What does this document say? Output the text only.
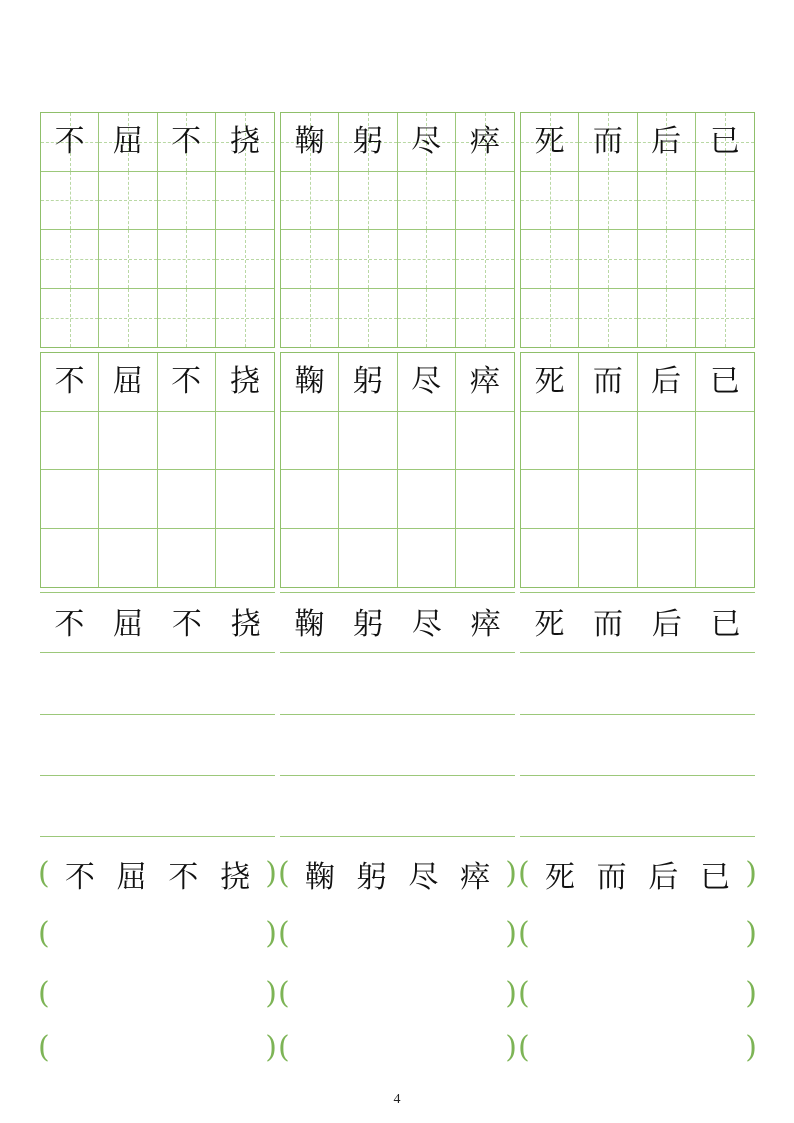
不 屈 不 挠	鞠 躬 尽 瘁	死 而 后 已
不 屈 不 挠	鞠 躬 尽 瘁	死 而 后 已
不 屈 不 挠 鞠 躬 尽 瘁 死 而 后 已
( 不 屈 不 挠 )
(	)
(	)
(	)
( 鞠 躬 尽 瘁 )
(	)
(	)
(	)
( 死 而 后 已 )
(	)
(	)
(	)
4
